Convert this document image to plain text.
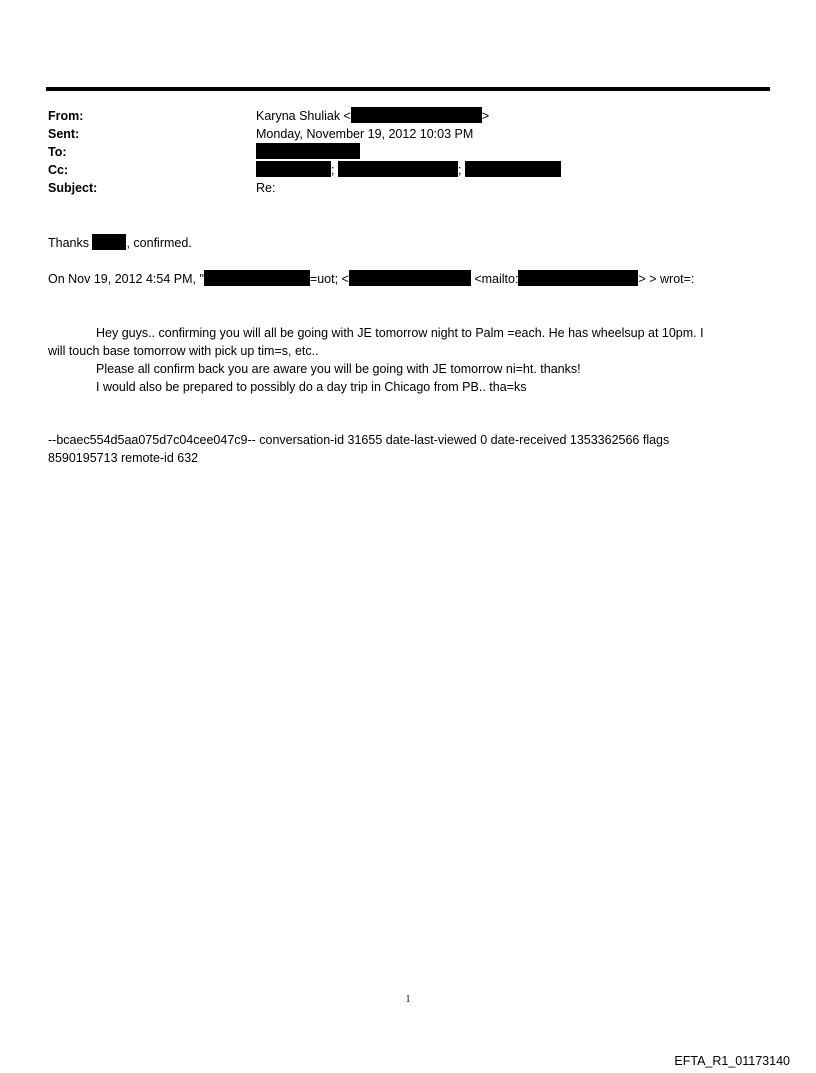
From:	Karyna Shuliak <	>
Sent:	Monday, November 19, 2012 10:03 PM
To:
Cc:	;	;
Subject:	Re:
Thanks	, confirmed.
On Nov 19, 2012 4:54 PM, "	=uot; <	<mailto:	> > wrot=:
Hey guys.. confirming you will all be going with JE tomorrow night to Palm =each. He has wheelsup at 10pm. I
will touch base tomorrow with pick up tim=s, etc..
Please all confirm back you are aware you will be going with JE tomorrow ni=ht. thanks!
I would also be prepared to possibly do a day trip in Chicago from PB.. tha=ks
--bcaec554d5aa075d7c04cee047c9-- conversation-id 31655 date-last-viewed 0 date-received 1353362566 flags
8590195713 remote-id 632
1
EFTA_R1_01173140
